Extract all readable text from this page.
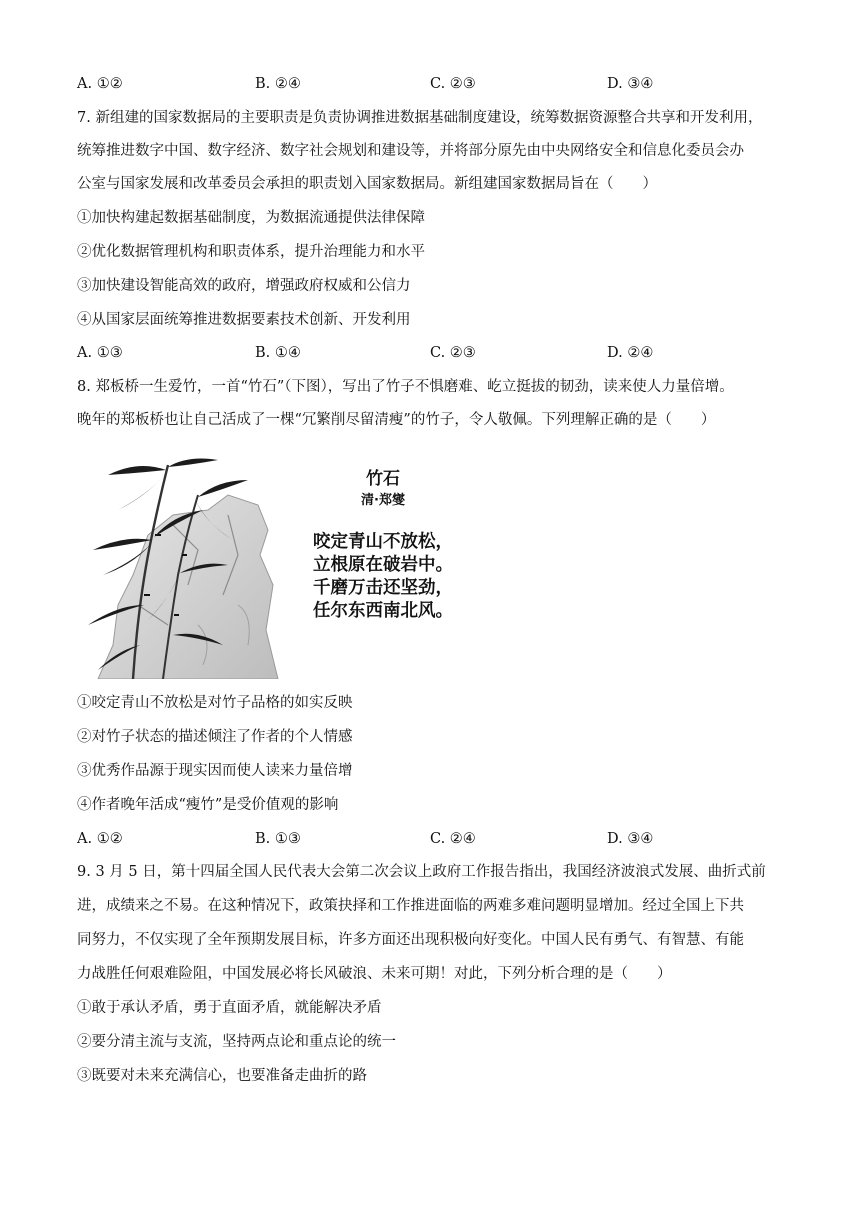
A. ①②	B. ②④	C. ②③	D. ③④
7. 新组建的国家数据局的主要职责是负责协调推进数据基础制度建设，统筹数据资源整合共享和开发利用，
统筹推进数字中国、数字经济、数字社会规划和建设等，并将部分原先由中央网络安全和信息化委员会办
公室与国家发展和改革委员会承担的职责划入国家数据局。新组建国家数据局旨在（　　）
①加快构建起数据基础制度，为数据流通提供法律保障
②优化数据管理机构和职责体系，提升治理能力和水平
③加快建设智能高效的政府，增强政府权威和公信力
④从国家层面统筹推进数据要素技术创新、开发利用
A. ①③	B. ①④	C. ②③	D. ②④
8. 郑板桥一生爱竹，一首“竹石”（下图），写出了竹子不惧磨难、屹立挺拔的韧劲，读来使人力量倍增。
晚年的郑板桥也让自己活成了一棵“冗繁削尽留清瘦”的竹子，令人敬佩。下列理解正确的是（　　）
竹石
清·郑燮
咬定青山不放松，
立根原在破岩中。
千磨万击还坚劲，
任尔东西南北风。
①咬定青山不放松是对竹子品格的如实反映
②对竹子状态的描述倾注了作者的个人情感
③优秀作品源于现实因而使人读来力量倍增
④作者晚年活成“瘦竹”是受价值观的影响
A. ①②	B. ①③	C. ②④	D. ③④
9. 3 月 5 日，第十四届全国人民代表大会第二次会议上政府工作报告指出，我国经济波浪式发展、曲折式前
进，成绩来之不易。在这种情况下，政策抉择和工作推进面临的两难多难问题明显增加。经过全国上下共
同努力，不仅实现了全年预期发展目标，许多方面还出现积极向好变化。中国人民有勇气、有智慧、有能
力战胜任何艰难险阻，中国发展必将长风破浪、未来可期！对此，下列分析合理的是（　　）
①敢于承认矛盾，勇于直面矛盾，就能解决矛盾
②要分清主流与支流，坚持两点论和重点论的统一
③既要对未来充满信心，也要准备走曲折的路
